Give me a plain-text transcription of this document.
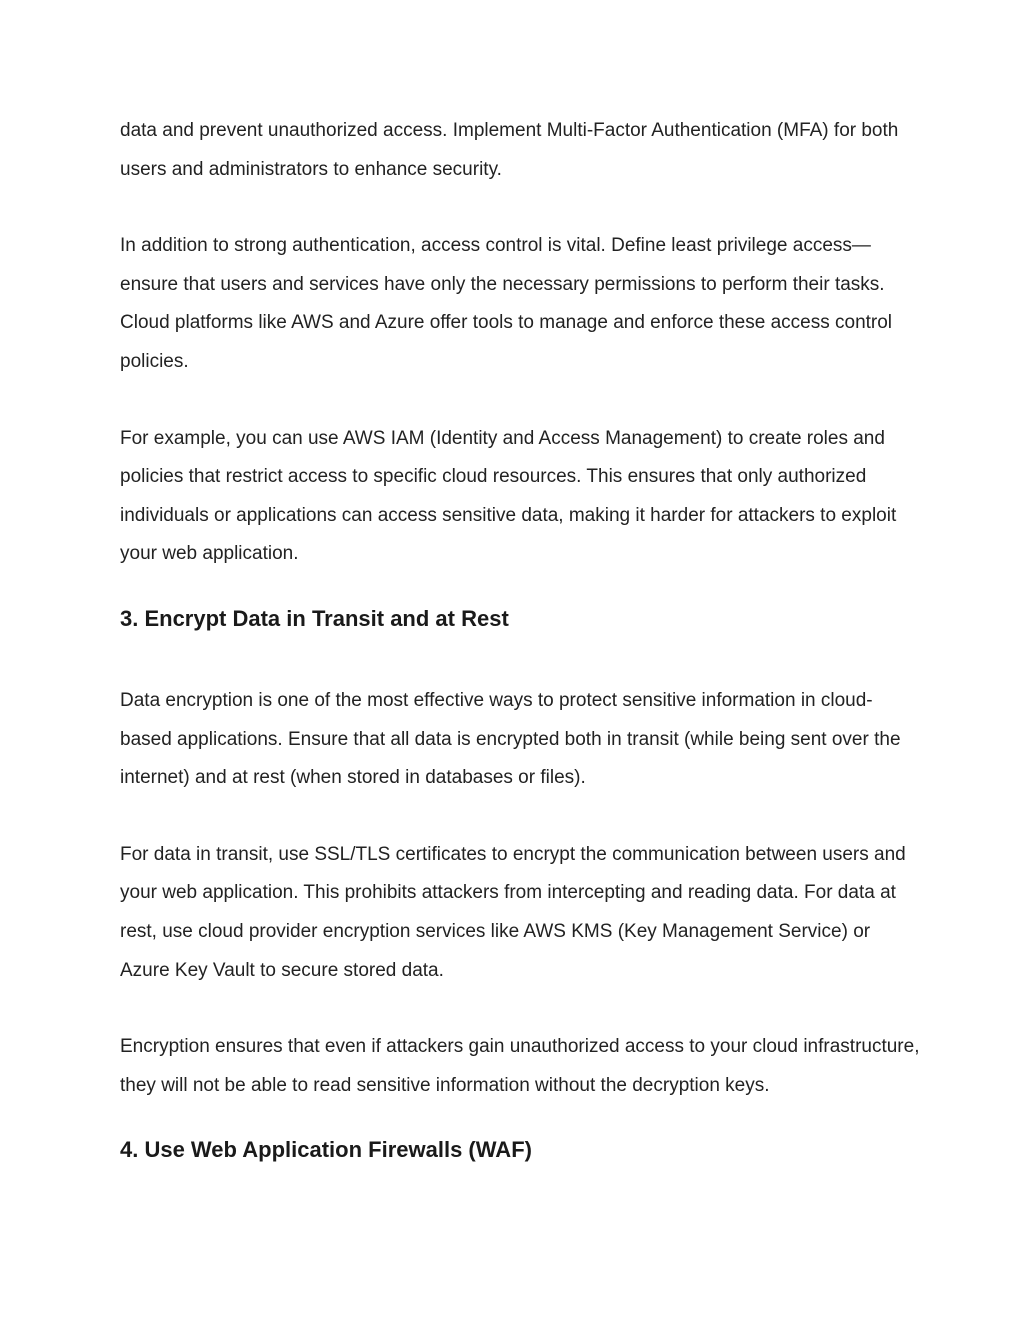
data and prevent unauthorized access. Implement Multi-Factor Authentication (MFA) for both users and administrators to enhance security.

In addition to strong authentication, access control is vital. Define least privilege access—ensure that users and services have only the necessary permissions to perform their tasks. Cloud platforms like AWS and Azure offer tools to manage and enforce these access control policies.

For example, you can use AWS IAM (Identity and Access Management) to create roles and policies that restrict access to specific cloud resources. This ensures that only authorized individuals or applications can access sensitive data, making it harder for attackers to exploit your web application.

3. Encrypt Data in Transit and at Rest

Data encryption is one of the most effective ways to protect sensitive information in cloud-based applications. Ensure that all data is encrypted both in transit (while being sent over the internet) and at rest (when stored in databases or files).

For data in transit, use SSL/TLS certificates to encrypt the communication between users and your web application. This prohibits attackers from intercepting and reading data. For data at rest, use cloud provider encryption services like AWS KMS (Key Management Service) or Azure Key Vault to secure stored data.

Encryption ensures that even if attackers gain unauthorized access to your cloud infrastructure, they will not be able to read sensitive information without the decryption keys.

4. Use Web Application Firewalls (WAF)
